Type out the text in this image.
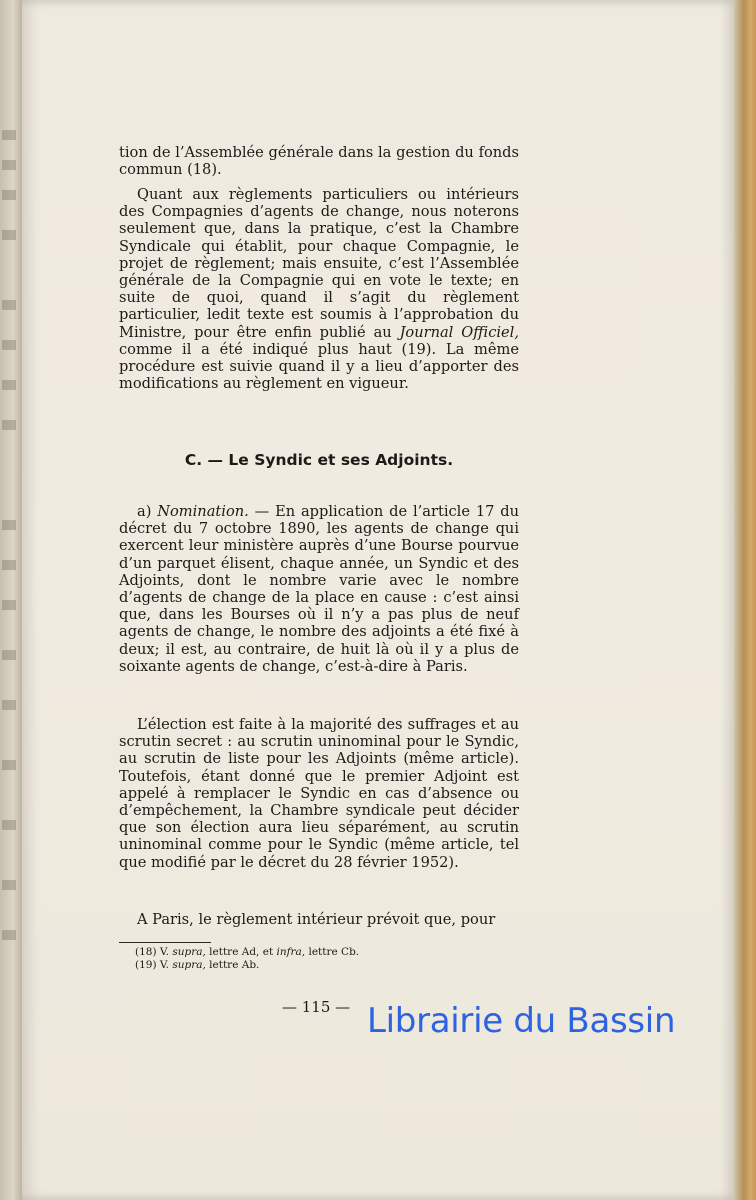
tion de l’Assemblée générale dans la gestion du fonds commun (18).

Quant aux règlements particuliers ou intérieurs des Compagnies d’agents de change, nous noterons seulement que, dans la pratique, c’est la Chambre Syndicale qui établit, pour chaque Compagnie, le projet de règlement; mais ensuite, c’est l’Assemblée générale de la Compagnie qui en vote le texte; en suite de quoi, quand il s’agit du règlement particulier, ledit texte est soumis à l’approbation du Ministre, pour être enfin publié au Journal Officiel, comme il a été indiqué plus haut (19). La même procédure est suivie quand il y a lieu d’apporter des modifications au règlement en vigueur.

C. — Le Syndic et ses Adjoints.

a) Nomination. — En application de l’article 17 du décret du 7 octobre 1890, les agents de change qui exercent leur ministère auprès d’une Bourse pourvue d’un parquet élisent, chaque année, un Syndic et des Adjoints, dont le nombre varie avec le nombre d’agents de change de la place en cause : c’est ainsi que, dans les Bourses où il n’y a pas plus de neuf agents de change, le nombre des adjoints a été fixé à deux; il est, au contraire, de huit là où il y a plus de soixante agents de change, c’est-à-dire à Paris.

L’élection est faite à la majorité des suffrages et au scrutin secret : au scrutin uninominal pour le Syndic, au scrutin de liste pour les Adjoints (même article). Toutefois, étant donné que le premier Adjoint est appelé à remplacer le Syndic en cas d’absence ou d’empêchement, la Chambre syndicale peut décider que son élection aura lieu séparément, au scrutin uninominal comme pour le Syndic (même article, tel que modifié par le décret du 28 février 1952).

A Paris, le règlement intérieur prévoit que, pour

(18) V. supra, lettre Ad, et infra, lettre Cb.
(19) V. supra, lettre Ab.
— 115 — Librairie du Bassin
